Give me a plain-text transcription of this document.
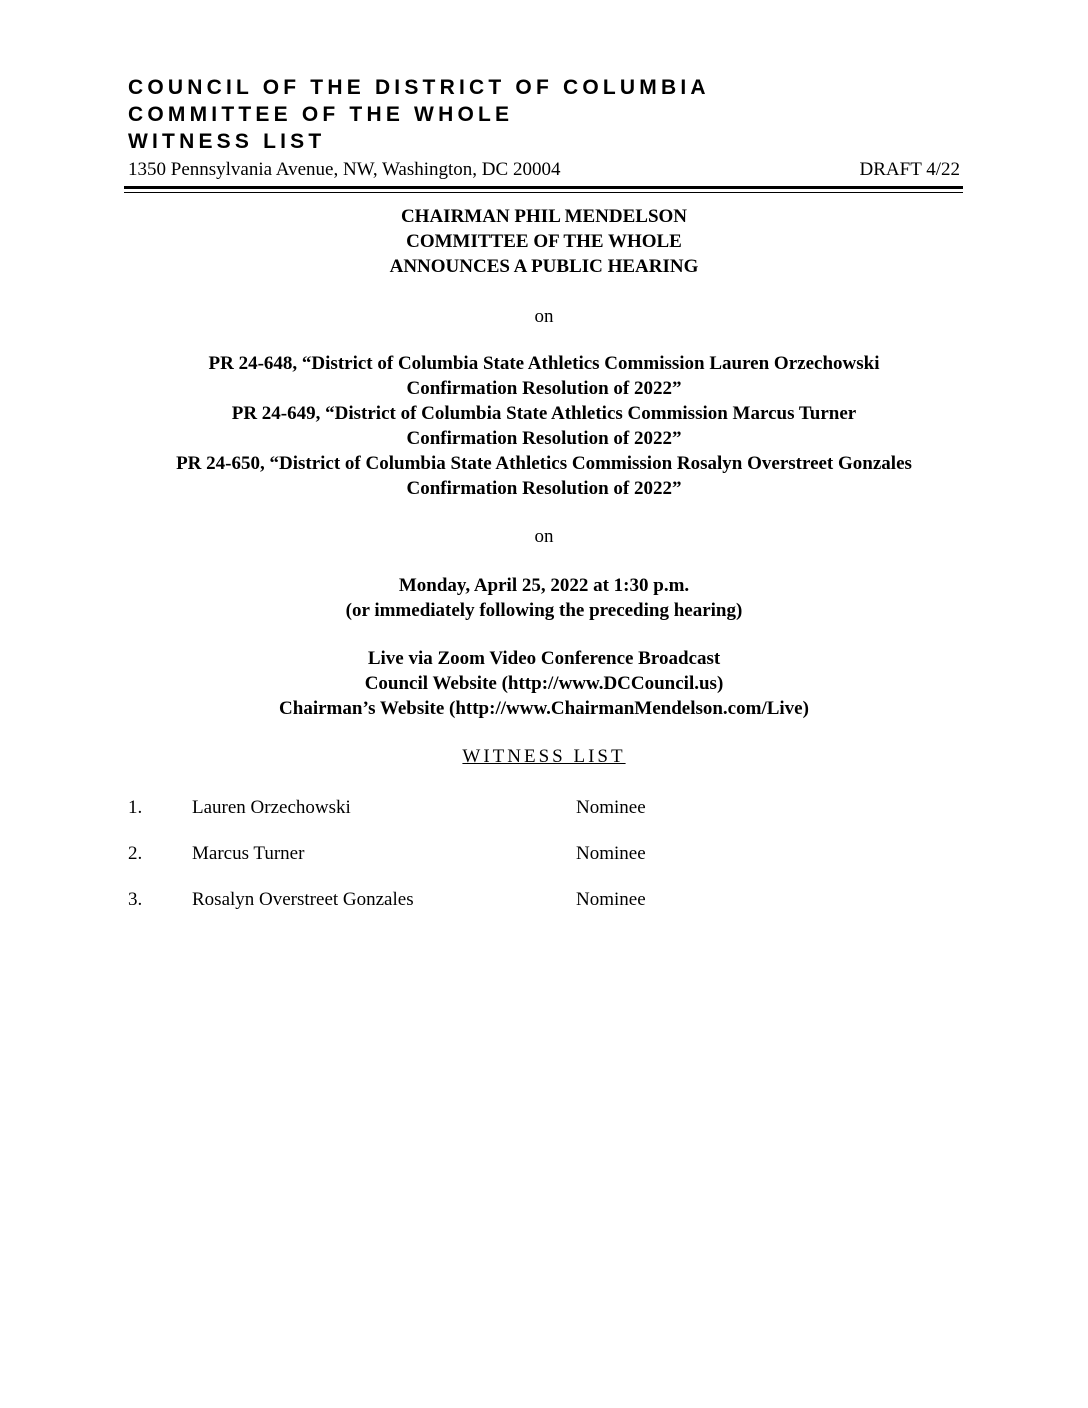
COUNCIL OF THE DISTRICT OF COLUMBIA
COMMITTEE OF THE WHOLE
WITNESS LIST
1350 Pennsylvania Avenue, NW, Washington, DC 20004	DRAFT 4/22
CHAIRMAN PHIL MENDELSON
COMMITTEE OF THE WHOLE
ANNOUNCES A PUBLIC HEARING
on
PR 24-648, “District of Columbia State Athletics Commission Lauren Orzechowski
Confirmation Resolution of 2022”
PR 24-649, “District of Columbia State Athletics Commission Marcus Turner
Confirmation Resolution of 2022”
PR 24-650, “District of Columbia State Athletics Commission Rosalyn Overstreet Gonzales
Confirmation Resolution of 2022”
on
Monday, April 25, 2022 at 1:30 p.m.
(or immediately following the preceding hearing)
Live via Zoom Video Conference Broadcast
Council Website (http://www.DCCouncil.us)
Chairman’s Website (http://www.ChairmanMendelson.com/Live)
WITNESS LIST
1.	Lauren Orzechowski	Nominee
2.	Marcus Turner	Nominee
3.	Rosalyn Overstreet Gonzales	Nominee
